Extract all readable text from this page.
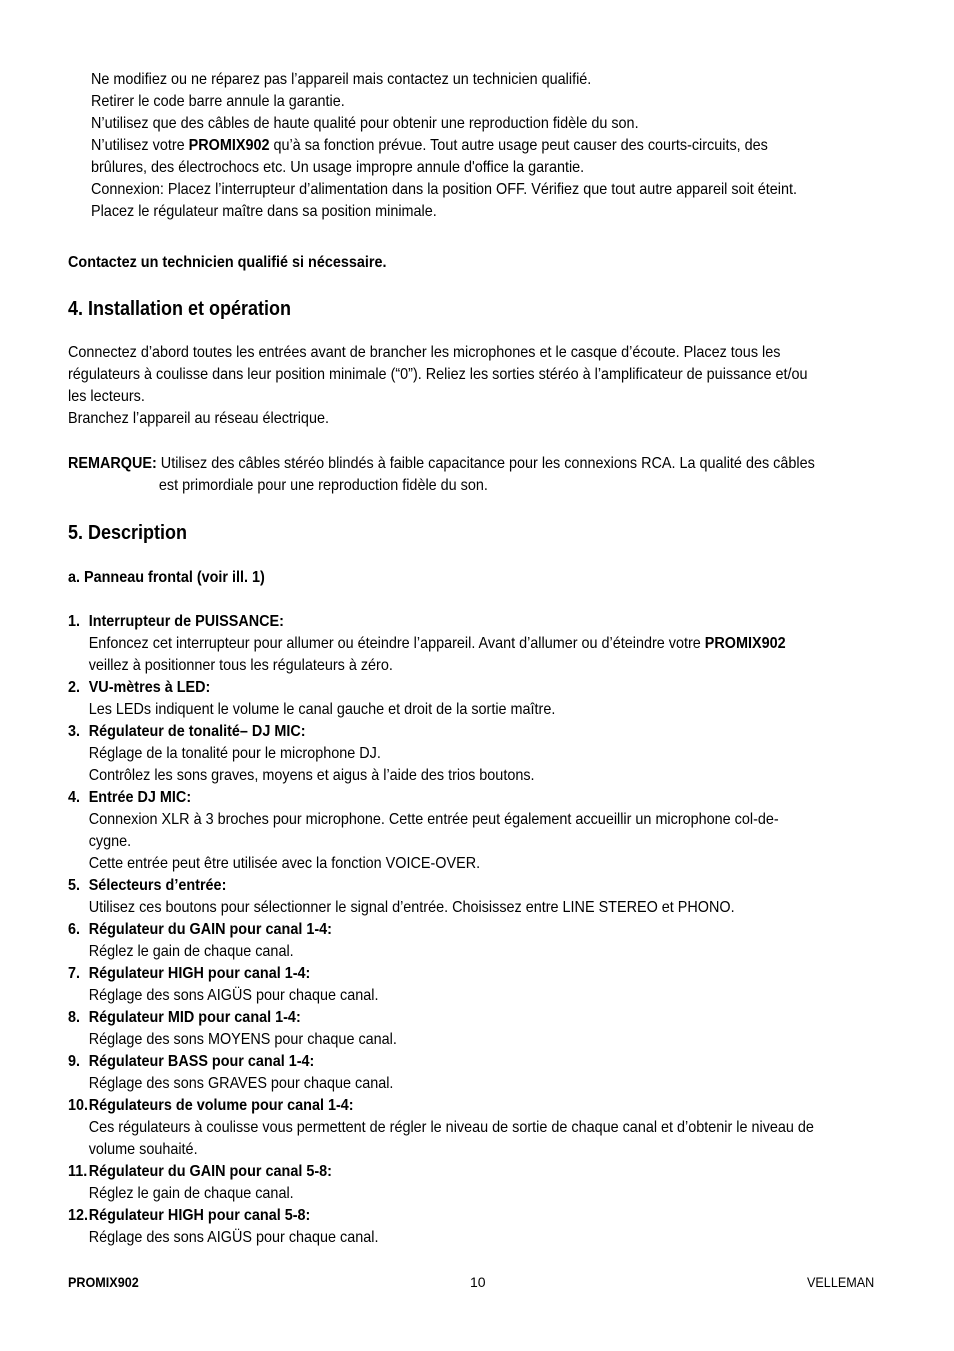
Ne modifiez ou ne réparez pas l’appareil mais contactez un technicien qualifié.

Retirer le code barre annule la garantie.

N’utilisez que des câbles de haute qualité pour obtenir une reproduction fidèle du son.

N’utilisez votre PROMIX902 qu’à sa fonction prévue. Tout autre usage peut causer des courts-circuits, des

brûlures, des électrochocs etc. Un usage impropre annule d'office la garantie.

Connexion: Placez l’interrupteur d’alimentation dans la position OFF. Vérifiez que tout autre appareil soit éteint.

Placez le régulateur maître dans sa position minimale.

Contactez un technicien qualifié si nécessaire.
4. Installation et opération

Connectez d’abord toutes les entrées avant de brancher les microphones et le casque d’écoute. Placez tous les

régulateurs à coulisse dans leur position minimale (“0”). Reliez les sorties stéréo à l’amplificateur de puissance et/ou

les lecteurs.

Branchez l’appareil au réseau électrique.

REMARQUE: Utilisez des câbles stéréo blindés à faible capacitance pour les connexions RCA. La qualité des câbles
est primordiale pour une reproduction fidèle du son.
5. Description
a. Panneau frontal (voir ill. 1)
1. Interrupteur de PUISSANCE:
Enfoncez cet interrupteur pour allumer ou éteindre l’appareil. Avant d’allumer ou d’éteindre votre PROMIX902
veillez à positionner tous les régulateurs à zéro.
2. VU-mètres à LED:
Les LEDs indiquent le volume le canal gauche et droit de la sortie maître.
3. Régulateur de tonalité– DJ MIC:
Réglage de la tonalité pour le microphone DJ.
Contrôlez les sons graves, moyens et aigus à l’aide des trios boutons.
4. Entrée DJ MIC:
Connexion XLR à 3 broches pour microphone. Cette entrée peut également accueillir un microphone col-de-
cygne.
Cette entrée peut être utilisée avec la fonction VOICE-OVER.
5. Sélecteurs d’entrée:
Utilisez ces boutons pour sélectionner le signal d’entrée. Choisissez entre LINE STEREO et PHONO.
6. Régulateur du GAIN pour canal 1-4:
Réglez le gain de chaque canal.
7. Régulateur HIGH pour canal 1-4:
Réglage des sons AIGÜS pour chaque canal.
8. Régulateur MID pour canal 1-4:
Réglage des sons MOYENS pour chaque canal.
9. Régulateur BASS pour canal 1-4:
Réglage des sons GRAVES pour chaque canal.
10.Régulateurs de volume pour canal 1-4:
Ces régulateurs à coulisse vous permettent de régler le niveau de sortie de chaque canal et d’obtenir le niveau de
volume souhaité.
11.Régulateur du GAIN pour canal 5-8:
Réglez le gain de chaque canal.
12.Régulateur HIGH pour canal 5-8:
Réglage des sons AIGÜS pour chaque canal.
PROMIX902	10	VELLEMAN
